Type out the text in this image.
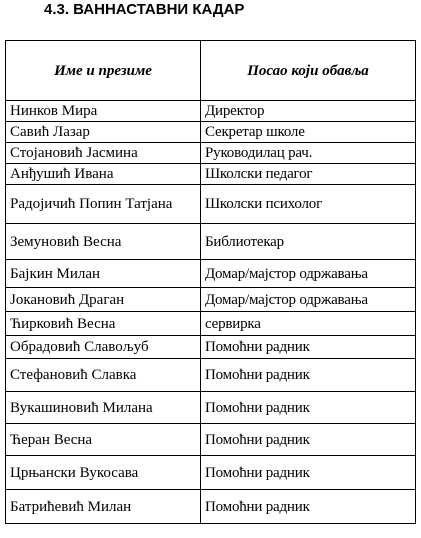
4.3. ВАННАСТАВНИ КАДАР
Име и презиме	Посао који обавља
Нинков Мира	Директор
Савић Лазар	Секретар школе
Стојановић Јасмина	Руководилац рач.
Анђушић Ивана	Школски педагог
Радојичић Попин Татјана	Школски психолог
Земуновић Весна	Библиотекар
Бајкин Милан	Домар/мајстор одржавања
Јокановић Драган	Домар/мајстор одржавања
Ћирковић Весна	сервирка
Обрадовић Славољуб	Помоћни радник
Стефановић Славка	Помоћни радник
Вукашиновић Милана	Помоћни радник
Ћеран Весна	Помоћни радник
Црњански Вукосава	Помоћни радник
Батрићевић Милан	Помоћни радник
